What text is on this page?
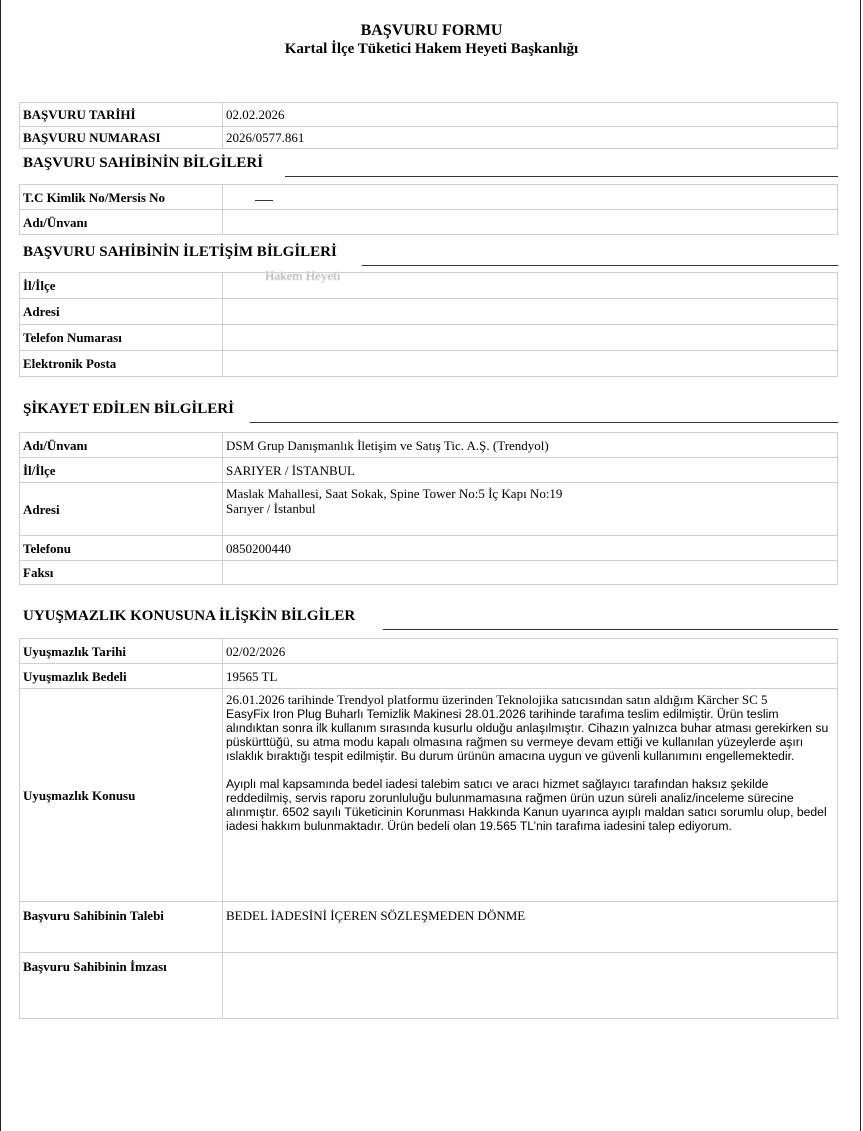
BAŞVURU FORMU
Kartal İlçe Tüketici Hakem Heyeti Başkanlığı
BAŞVURU TARİHİ	02.02.2026
BAŞVURU NUMARASI	2026/0577.861
BAŞVURU SAHİBİNİN BİLGİLERİ
T.C Kimlik No/Mersis No	
Adı/Ünvanı	
BAŞVURU SAHİBİNİN İLETİŞİM BİLGİLERİ
Hakem Heyeti
İl/İlçe	
Adresi	
Telefon Numarası	
Elektronik Posta	
ŞİKAYET EDİLEN BİLGİLERİ
Adı/Ünvanı	DSM Grup Danışmanlık İletişim ve Satış Tic. A.Ş. (Trendyol)
İl/İlçe	SARIYER / İSTANBUL
Adresi	Maslak Mahallesi, Saat Sokak, Spine Tower No:5 İç Kapı No:19
Sarıyer / İstanbul

Telefonu	0850200440
Faksı	
UYUŞMAZLIK KONUSUNA İLİŞKİN BİLGİLER
Uyuşmazlık Tarihi	02/02/2026
Uyuşmazlık Bedeli	19565 TL
Uyuşmazlık Konusu	26.01.2026 tarihinde Trendyol platformu üzerinden Teknolojika satıcısından satın aldığım Kärcher SC 5
EasyFix Iron Plug Buharlı Temizlik Makinesi 28.01.2026 tarihinde tarafıma teslim edilmiştir. Ürün teslim alındıktan sonra ilk kullanım sırasında kusurlu olduğu anlaşılmıştır. Cihazın yalnızca buhar atması gerekirken su püskürttüğü, su atma modu kapalı olmasına rağmen su vermeye devam ettiği ve kullanılan yüzeylerde aşırı ıslaklık bıraktığı tespit edilmiştir. Bu durum ürünün amacına uygun ve güvenli kullanımını engellemektedir.
Ayıplı mal kapsamında bedel iadesi talebim satıcı ve aracı hizmet sağlayıcı tarafından haksız şekilde reddedilmiş, servis raporu zorunluluğu bulunmamasına rağmen ürün uzun süreli analiz/inceleme sürecine alınmıştır. 6502 sayılı Tüketicinin Korunması Hakkında Kanun uyarınca ayıplı maldan satıcı sorumlu olup, bedel iadesi hakkım bulunmaktadır. Ürün bedeli olan 19.565 TL’nin tarafıma iadesini talep ediyorum.

Başvuru Sahibinin Talebi	BEDEL İADESİNİ İÇEREN SÖZLEŞMEDEN DÖNME
Başvuru Sahibinin İmzası	
